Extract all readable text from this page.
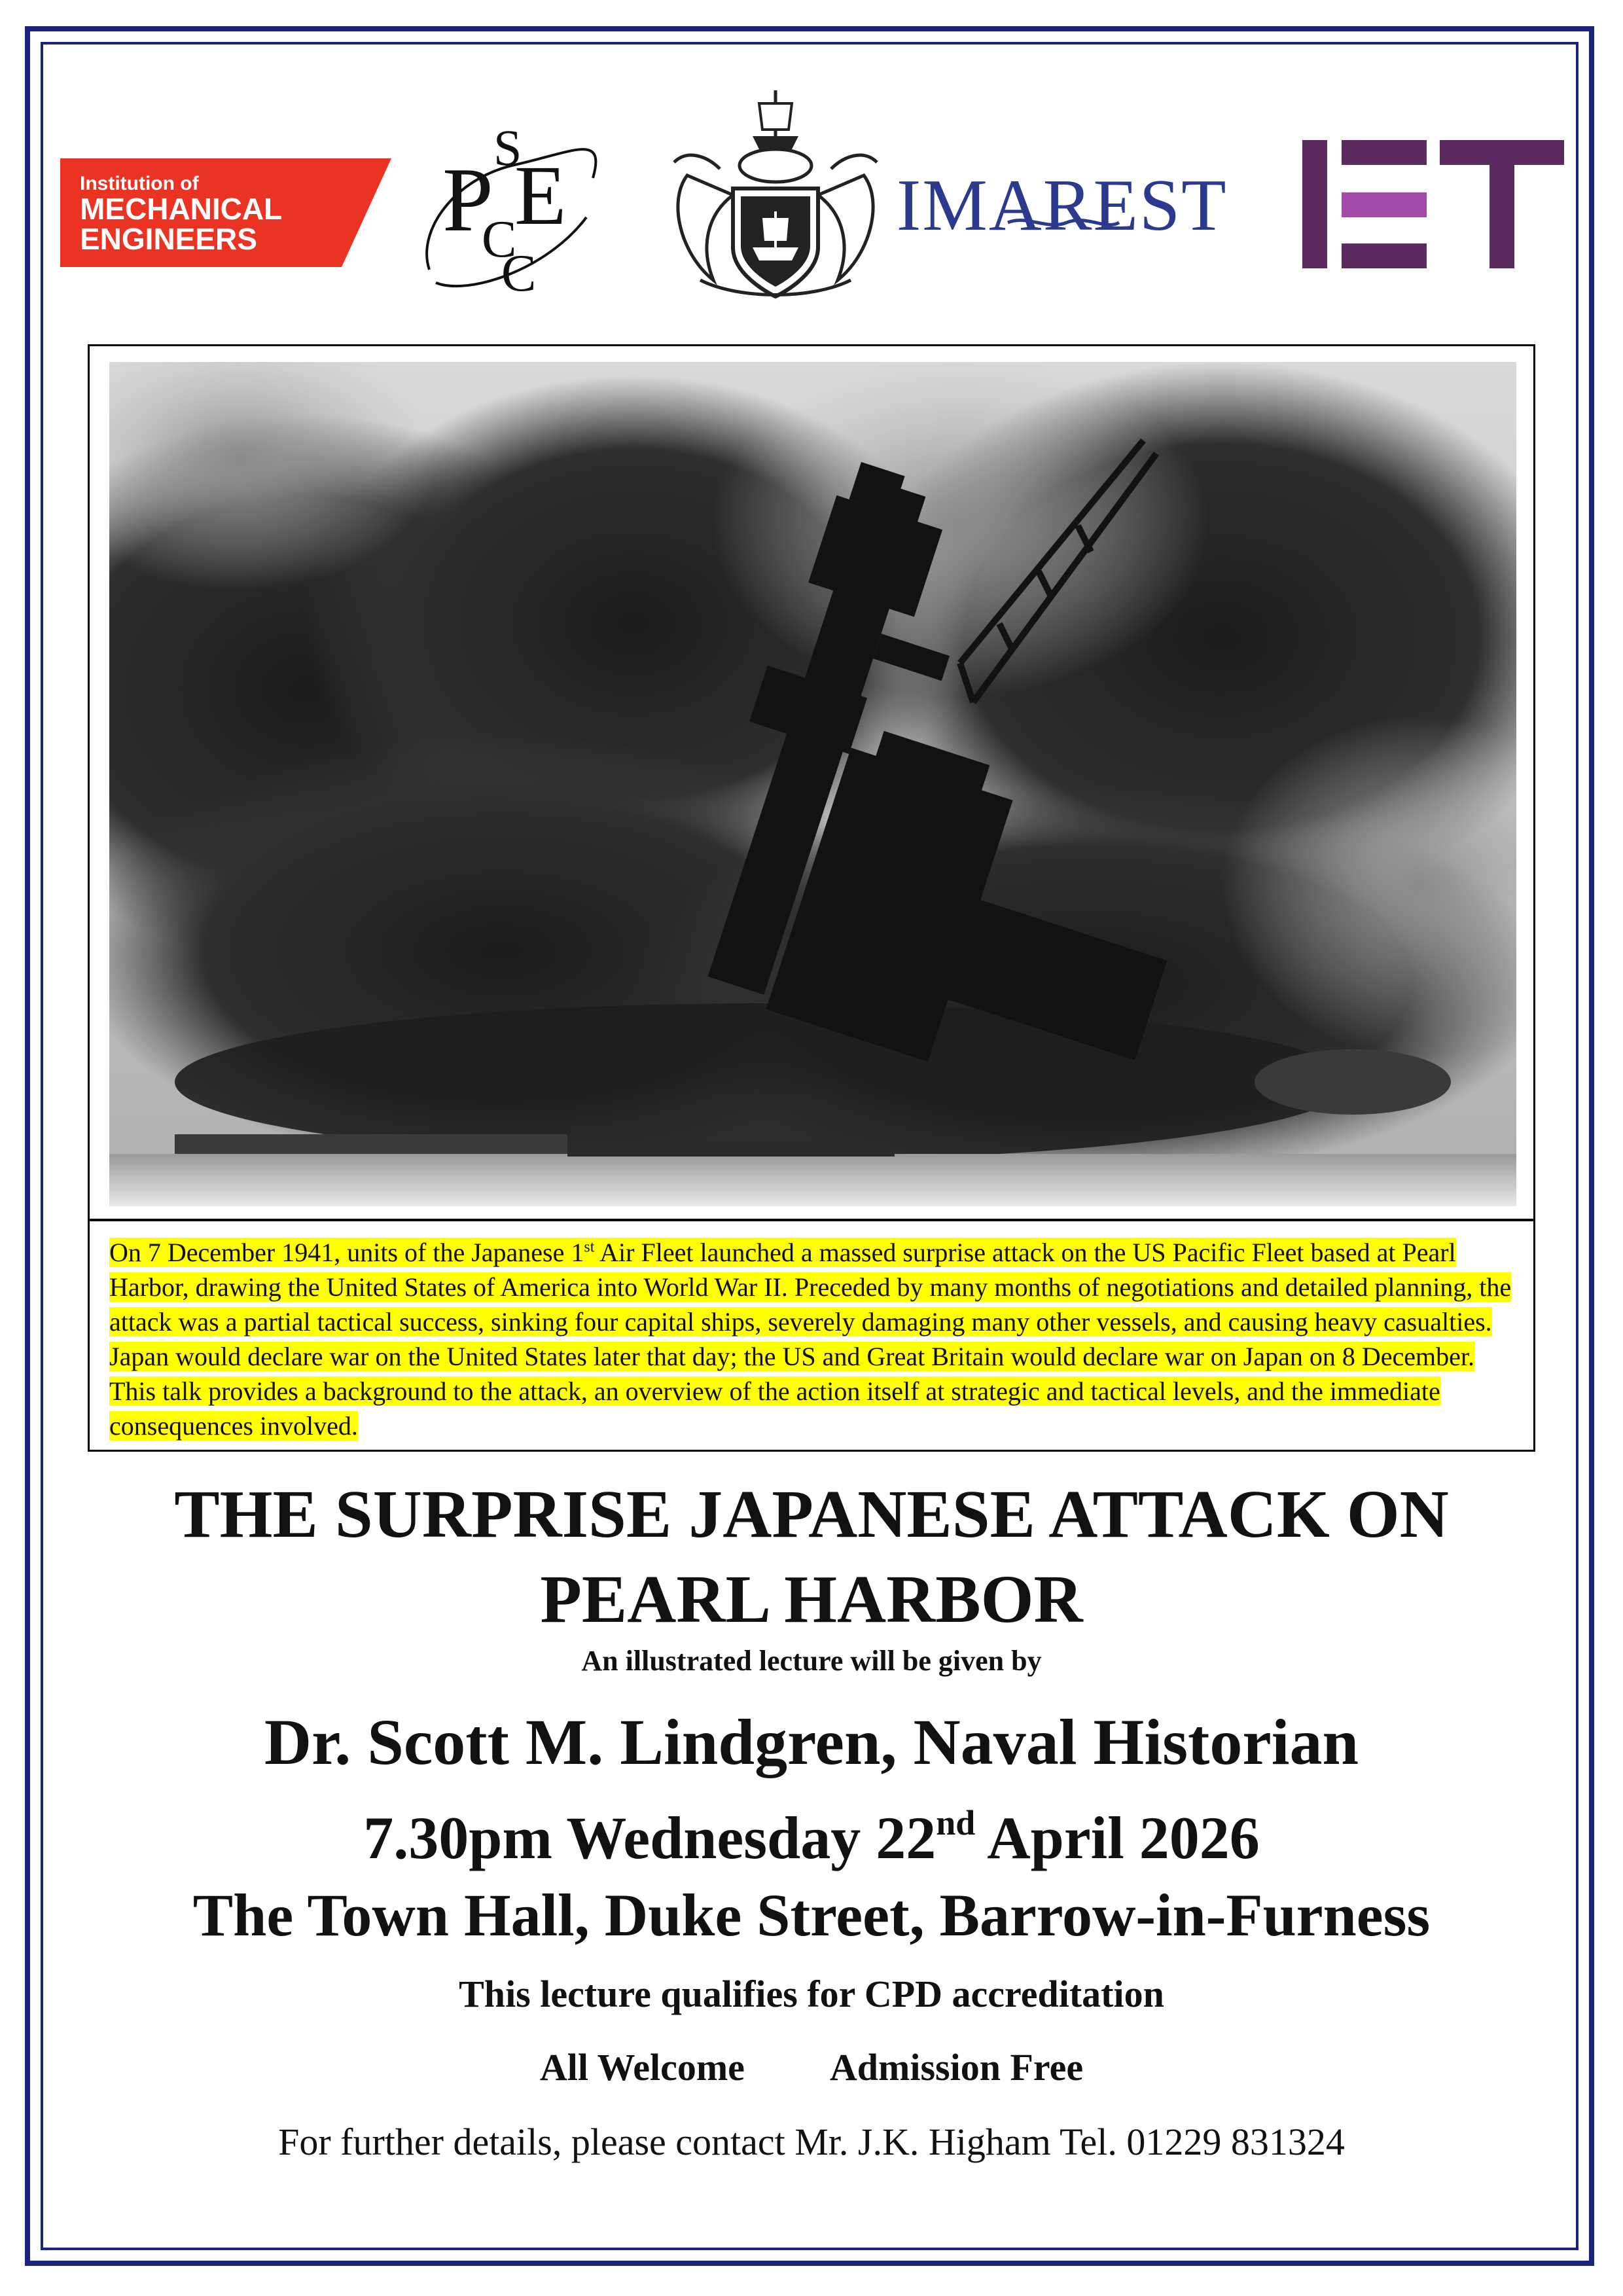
Institution of
MECHANICAL
ENGINEERS
S
P E
C
C
IMAREST

On 7 December 1941, units of the Japanese 1st Air Fleet launched a massed surprise attack on the US Pacific Fleet based at Pearl Harbor, drawing the United States of America into World War II. Preceded by many months of negotiations and detailed planning, the attack was a partial tactical success, sinking four capital ships, severely damaging many other vessels, and causing heavy casualties. Japan would declare war on the United States later that day; the US and Great Britain would declare war on Japan on 8 December. This talk provides a background to the attack, an overview of the action itself at strategic and tactical levels, and the immediate consequences involved.

THE SURPRISE JAPANESE ATTACK ON
PEARL HARBOR
An illustrated lecture will be given by
Dr. Scott M. Lindgren, Naval Historian
7.30pm Wednesday 22nd April 2026
The Town Hall, Duke Street, Barrow-in-Furness
This lecture qualifies for CPD accreditation
All Welcome Admission Free
For further details, please contact Mr. J.K. Higham Tel. 01229 831324
